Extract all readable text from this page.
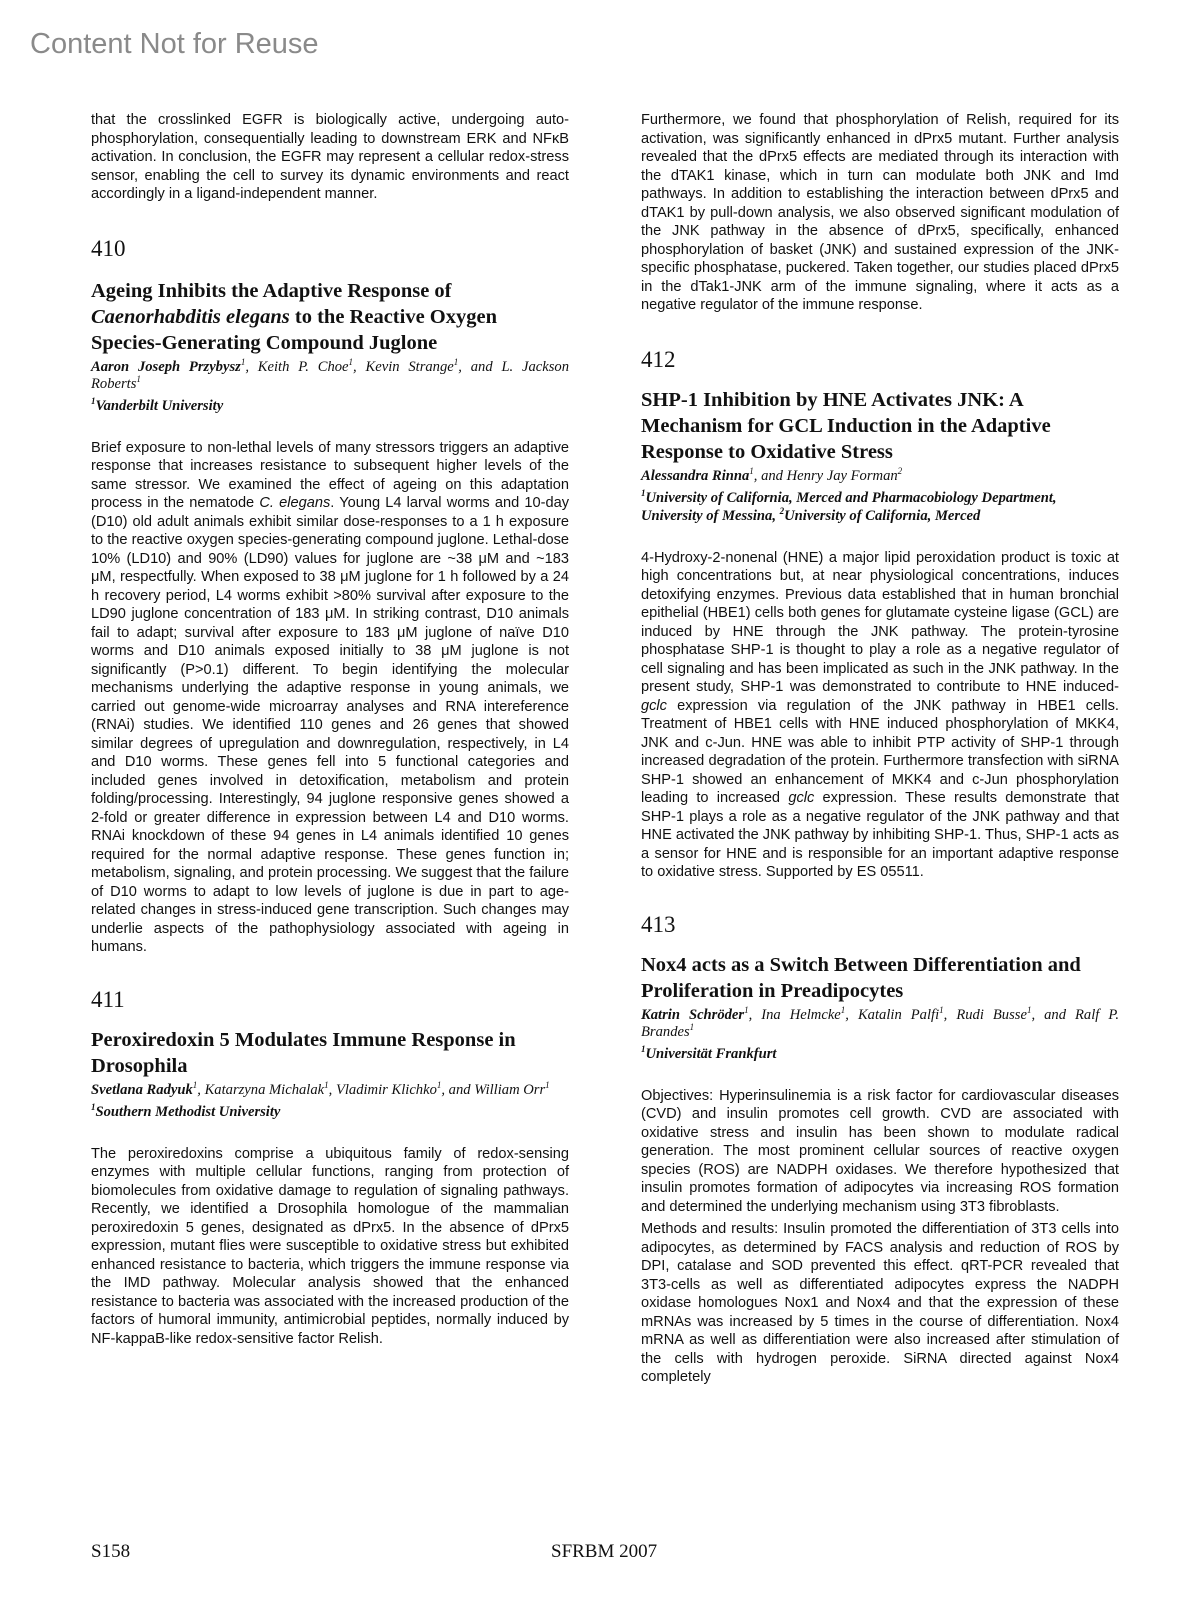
Content Not for Reuse

that the crosslinked EGFR is biologically active, undergoing auto-phosphorylation, consequentially leading to downstream ERK and NFκB activation. In conclusion, the EGFR may represent a cellular redox-stress sensor, enabling the cell to survey its dynamic environments and react accordingly in a ligand-independent manner.

410

Ageing Inhibits the Adaptive Response of Caenorhabditis elegans to the Reactive Oxygen Species-Generating Compound Juglone

Aaron Joseph Przybysz$^1$, Keith P. Choe$^1$, Kevin Strange$^1$, and L. Jackson Roberts$^1$

$^1$Vanderbilt University

Brief exposure to non-lethal levels of many stressors triggers an adaptive response that increases resistance to subsequent higher levels of the same stressor. We examined the effect of ageing on this adaptation process in the nematode C. elegans. Young L4 larval worms and 10-day (D10) old adult animals exhibit similar dose-responses to a 1 h exposure to the reactive oxygen species-generating compound juglone. Lethal-dose 10% (LD10) and 90% (LD90) values for juglone are ~38 μM and ~183 μM, respectfully. When exposed to 38 μM juglone for 1 h followed by a 24 h recovery period, L4 worms exhibit >80% survival after exposure to the LD90 juglone concentration of 183 μM. In striking contrast, D10 animals fail to adapt; survival after exposure to 183 μM juglone of naïve D10 worms and D10 animals exposed initially to 38 μM juglone is not significantly (P>0.1) different. To begin identifying the molecular mechanisms underlying the adaptive response in young animals, we carried out genome-wide microarray analyses and RNA intereference (RNAi) studies. We identified 110 genes and 26 genes that showed similar degrees of upregulation and downregulation, respectively, in L4 and D10 worms. These genes fell into 5 functional categories and included genes involved in detoxification, metabolism and protein folding/processing. Interestingly, 94 juglone responsive genes showed a 2-fold or greater difference in expression between L4 and D10 worms. RNAi knockdown of these 94 genes in L4 animals identified 10 genes required for the normal adaptive response. These genes function in; metabolism, signaling, and protein processing. We suggest that the failure of D10 worms to adapt to low levels of juglone is due in part to age-related changes in stress-induced gene transcription. Such changes may underlie aspects of the pathophysiology associated with ageing in humans.

411

Peroxiredoxin 5 Modulates Immune Response in Drosophila

Svetlana Radyuk$^1$, Katarzyna Michalak$^1$, Vladimir Klichko$^1$, and William Orr$^1$

$^1$Southern Methodist University

The peroxiredoxins comprise a ubiquitous family of redox-sensing enzymes with multiple cellular functions, ranging from protection of biomolecules from oxidative damage to regulation of signaling pathways. Recently, we identified a Drosophila homologue of the mammalian peroxiredoxin 5 genes, designated as dPrx5. In the absence of dPrx5 expression, mutant flies were susceptible to oxidative stress but exhibited enhanced resistance to bacteria, which triggers the immune response via the IMD pathway. Molecular analysis showed that the enhanced resistance to bacteria was associated with the increased production of the factors of humoral immunity, antimicrobial peptides, normally induced by NF-kappaB-like redox-sensitive factor Relish.

Furthermore, we found that phosphorylation of Relish, required for its activation, was significantly enhanced in dPrx5 mutant. Further analysis revealed that the dPrx5 effects are mediated through its interaction with the dTAK1 kinase, which in turn can modulate both JNK and Imd pathways. In addition to establishing the interaction between dPrx5 and dTAK1 by pull-down analysis, we also observed significant modulation of the JNK pathway in the absence of dPrx5, specifically, enhanced phosphorylation of basket (JNK) and sustained expression of the JNK-specific phosphatase, puckered. Taken together, our studies placed dPrx5 in the dTak1-JNK arm of the immune signaling, where it acts as a negative regulator of the immune response.

412

SHP-1 Inhibition by HNE Activates JNK: A Mechanism for GCL Induction in the Adaptive Response to Oxidative Stress

Alessandra Rinna$^1$, and Henry Jay Forman$^2$

$^1$University of California, Merced and Pharmacobiology Department, University of Messina, $^2$University of California, Merced

4-Hydroxy-2-nonenal (HNE) a major lipid peroxidation product is toxic at high concentrations but, at near physiological concentrations, induces detoxifying enzymes. Previous data established that in human bronchial epithelial (HBE1) cells both genes for glutamate cysteine ligase (GCL) are induced by HNE through the JNK pathway. The protein-tyrosine phosphatase SHP-1 is thought to play a role as a negative regulator of cell signaling and has been implicated as such in the JNK pathway. In the present study, SHP-1 was demonstrated to contribute to HNE induced-gclc expression via regulation of the JNK pathway in HBE1 cells. Treatment of HBE1 cells with HNE induced phosphorylation of MKK4, JNK and c-Jun. HNE was able to inhibit PTP activity of SHP-1 through increased degradation of the protein. Furthermore transfection with siRNA SHP-1 showed an enhancement of MKK4 and c-Jun phosphorylation leading to increased gclc expression. These results demonstrate that SHP-1 plays a role as a negative regulator of the JNK pathway and that HNE activated the JNK pathway by inhibiting SHP-1. Thus, SHP-1 acts as a sensor for HNE and is responsible for an important adaptive response to oxidative stress. Supported by ES 05511.

413

Nox4 acts as a Switch Between Differentiation and Proliferation in Preadipocytes

Katrin Schröder$^1$, Ina Helmcke$^1$, Katalin Palfi$^1$, Rudi Busse$^1$, and Ralf P. Brandes$^1$

$^1$Universität Frankfurt

Objectives: Hyperinsulinemia is a risk factor for cardiovascular diseases (CVD) and insulin promotes cell growth. CVD are associated with oxidative stress and insulin has been shown to modulate radical generation. The most prominent cellular sources of reactive oxygen species (ROS) are NADPH oxidases. We therefore hypothesized that insulin promotes formation of adipocytes via increasing ROS formation and determined the underlying mechanism using 3T3 fibroblasts.

Methods and results: Insulin promoted the differentiation of 3T3 cells into adipocytes, as determined by FACS analysis and reduction of ROS by DPI, catalase and SOD prevented this effect. qRT-PCR revealed that 3T3-cells as well as differentiated adipocytes express the NADPH oxidase homologues Nox1 and Nox4 and that the expression of these mRNAs was increased by 5 times in the course of differentiation. Nox4 mRNA as well as differentiation were also increased after stimulation of the cells with hydrogen peroxide. SiRNA directed against Nox4 completely

S158	SFRBM 2007
